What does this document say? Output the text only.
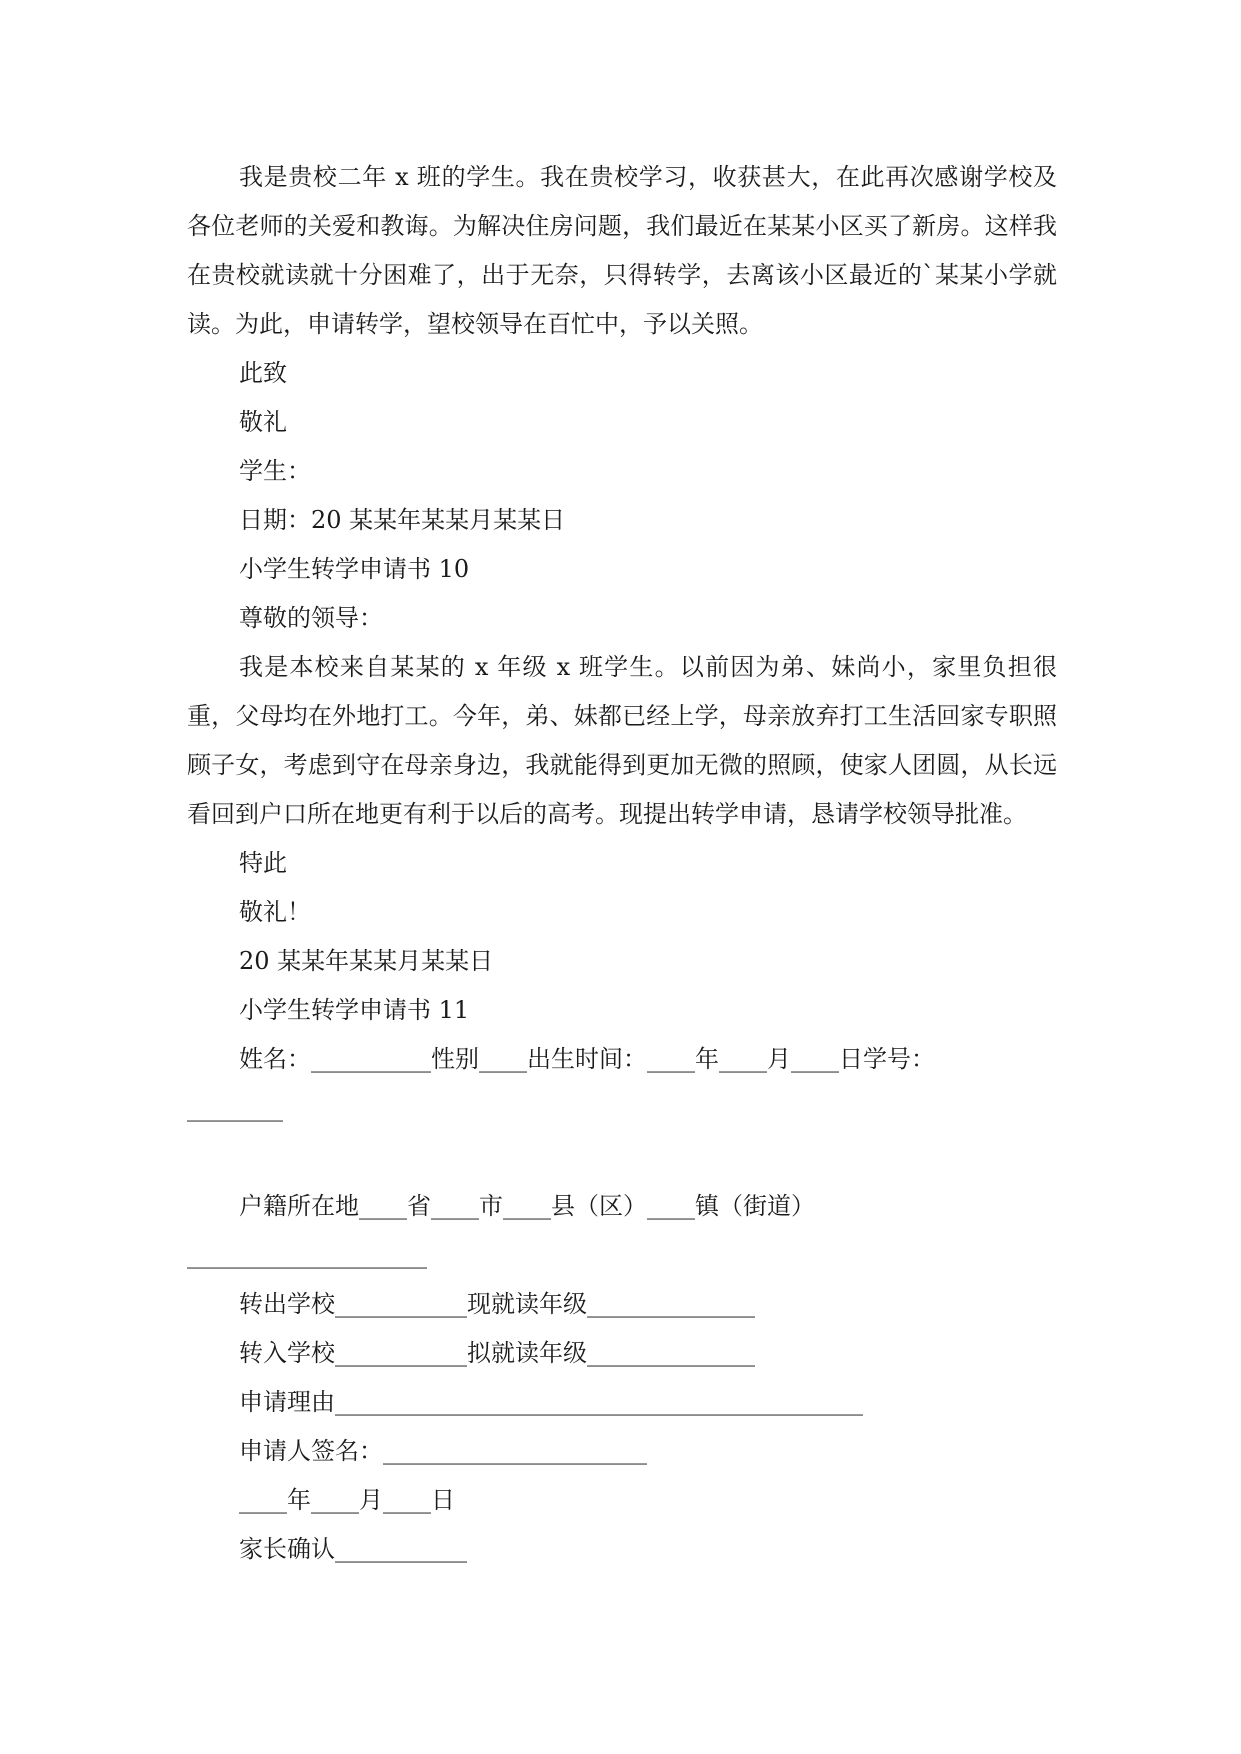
我是贵校二年 x 班的学生。我在贵校学习，收获甚大，在此再次感谢学校及各位老师的关爱和教诲。为解决住房问题，我们最近在某某小区买了新房。这样我在贵校就读就十分困难了，出于无奈，只得转学，去离该小区最近的`某某小学就读。为此，申请转学，望校领导在百忙中，予以关照。

此致
敬礼
学生：
日期：20 某某年某某月某某日
小学生转学申请书 10
尊敬的领导：

我是本校来自某某的 x 年级 x 班学生。以前因为弟、妹尚小，家里负担很重，父母均在外地打工。今年，弟、妹都已经上学，母亲放弃打工生活回家专职照顾子女，考虑到守在母亲身边，我就能得到更加无微的照顾，使家人团圆，从长远看回到户口所在地更有利于以后的高考。现提出转学申请，恳请学校领导批准。

特此
敬礼！
20 某某年某某月某某日
小学生转学申请书 11
姓名：__________性别____出生时间：____年____月____日学号：
________
户籍所在地____省____市____县（区）____镇（街道）
____________________
转出学校___________现就读年级______________
转入学校___________拟就读年级______________
申请理由____________________________________________
申请人签名：______________________
____年____月____日
家长确认___________
